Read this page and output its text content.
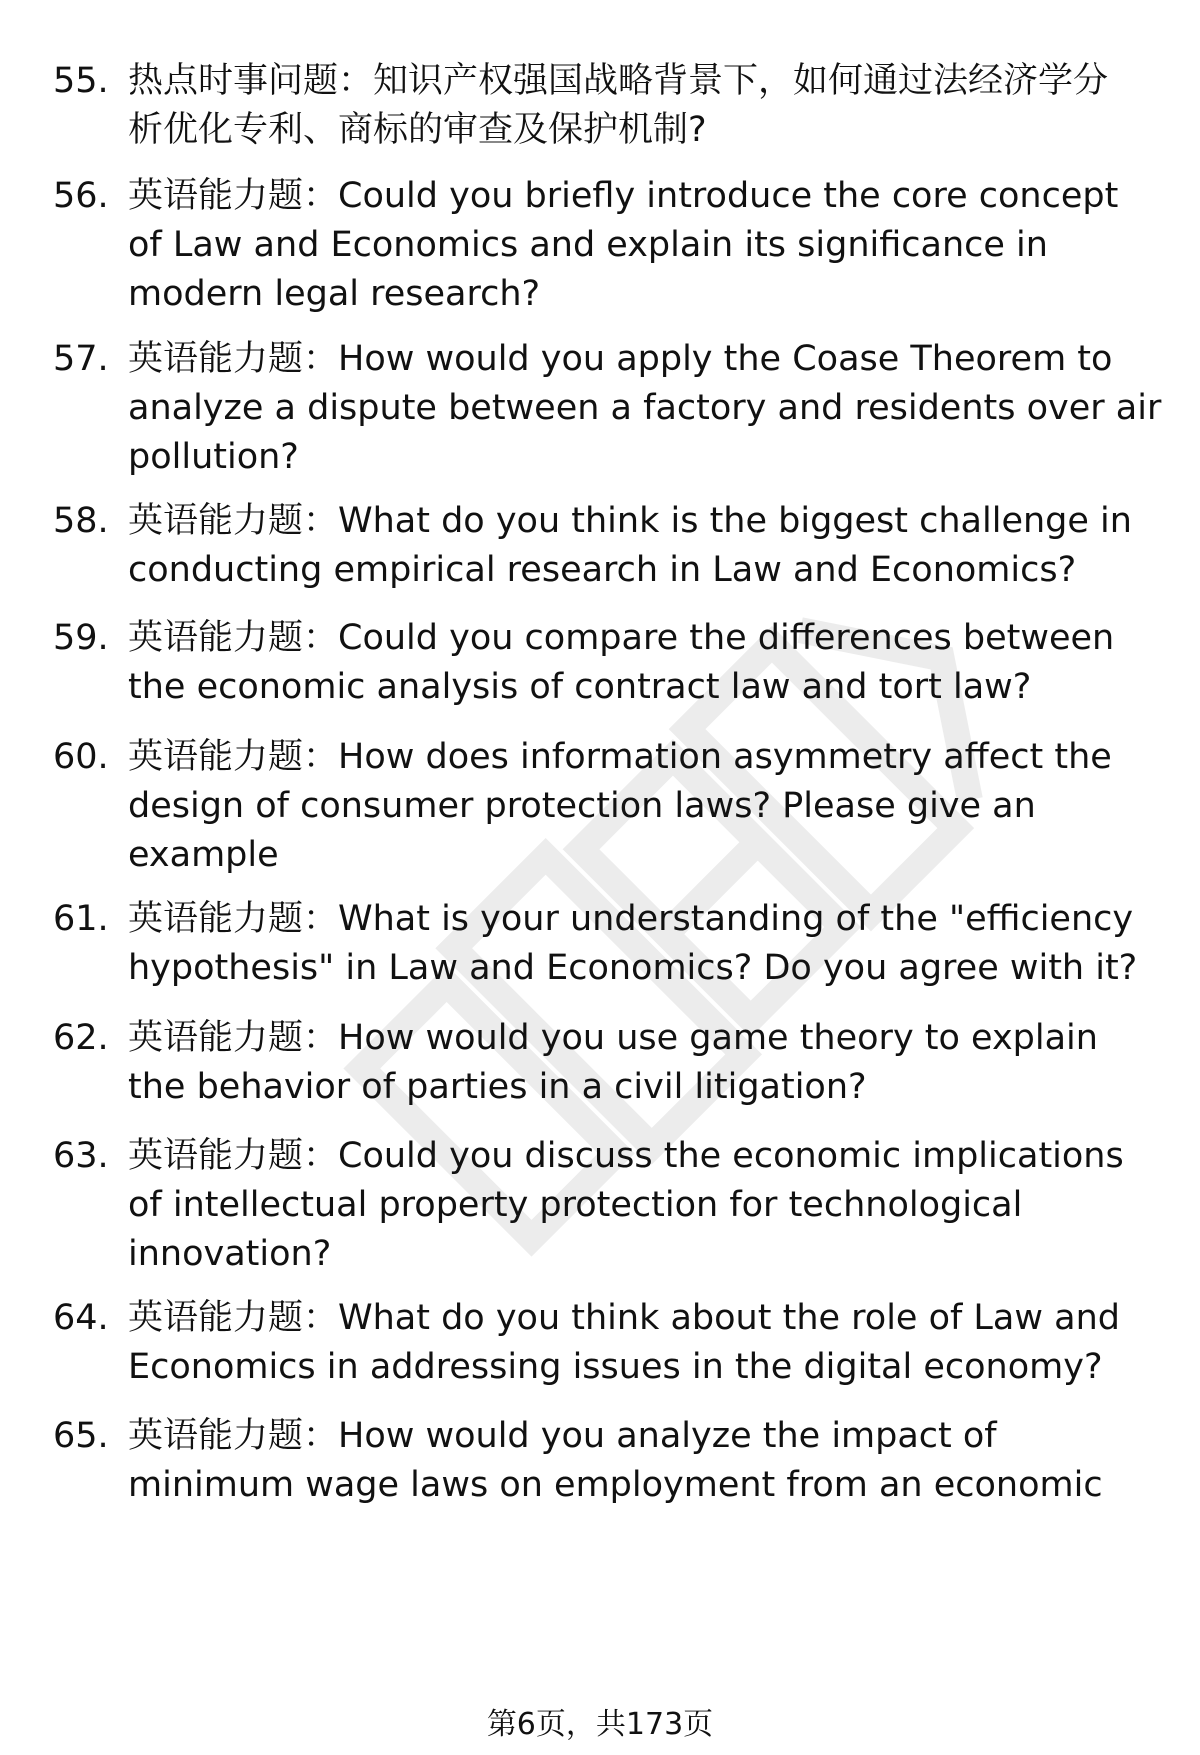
55. 热点时事问题：知识产权强国战略背景下，如何通过法经济学分
析优化专利、商标的审查及保护机制?
56. 英语能力题：Could you briefly introduce the core concept
of Law and Economics and explain its significance in
modern legal research?
57. 英语能力题：How would you apply the Coase Theorem to
analyze a dispute between a factory and residents over air
pollution?
58. 英语能力题：What do you think is the biggest challenge in
conducting empirical research in Law and Economics?
59. 英语能力题：Could you compare the differences between
the economic analysis of contract law and tort law?
60. 英语能力题：How does information asymmetry affect the
design of consumer protection laws? Please give an
example
61. 英语能力题：What is your understanding of the "efficiency
hypothesis" in Law and Economics? Do you agree with it?
62. 英语能力题：How would you use game theory to explain
the behavior of parties in a civil litigation?
63. 英语能力题：Could you discuss the economic implications
of intellectual property protection for technological
innovation?
64. 英语能力题：What do you think about the role of Law and
Economics in addressing issues in the digital economy?
65. 英语能力题：How would you analyze the impact of
minimum wage laws on employment from an economic
第6页，共173页
